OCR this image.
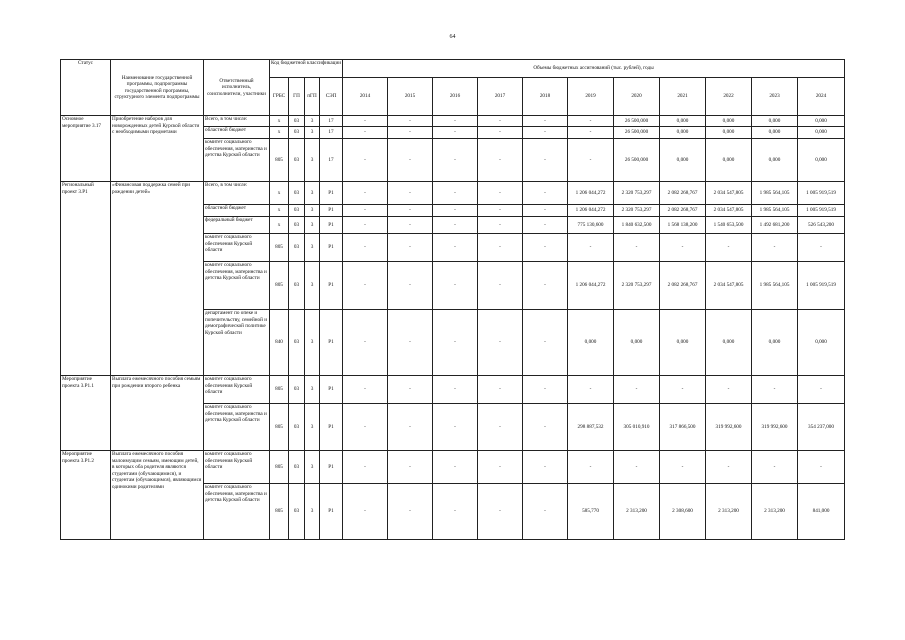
64
Статус	Наименование государственной программы, подпрограммы государственной программы, структурного элемента подпрограммы	Ответственный исполнитель, соисполнители, участники	Код бюджетной классификации				Объемы бюджетных ассигнований (тыс. рублей), годы										
			ГРБС	ГП	пГП	СЭП	2014	2015	2016	2017	2018	2019	2020	2021	2022	2023	2024
Основное мероприятие 3.17	Приобретение наборов для новорожденных детей Курской области с необходимыми предметами	Всего, в том числе:	х	03	3	17	-	-	-	-	-	-	26 500,000	0,000	0,000	0,000	0,000
		областной бюджет	х	03	3	17	-	-	-	-	-	-	26 500,000	0,000	0,000	0,000	0,000
		комитет социального обеспечения, материнства и детства Курской области	805	03	3	17	-	-	-	-	-	-	26 500,000	0,000	0,000	0,000	0,000
Региональный проект 3.Р1	«Финансовая поддержка семей при рождении детей»	Всего, в том числе:	х	03	3	Р1	-	-	-	-	-	1 206 044,272	2 320 753,297	2 082 268,767	2 034 547,805	1 985 564,105	1 005 919,519
		областной бюджет	х	03	3	Р1	-	-	-	-	-	1 206 044,272	2 320 753,297	2 082 268,767	2 034 547,805	1 985 564,105	1 005 919,519
		федеральный бюджет	х	03	3	Р1	-	-	-	-	-	775 130,600	1 840 632,500	1 568 138,200	1 540 653,500	1 492 681,200	526 543,200
		комитет социального обеспечения Курской области	805	03	3	Р1	-	-	-	-	-	-	-	-	-	-	-
		комитет социального обеспечения, материнства и детства Курской области	805	03	3	Р1	-	-	-	-	-	1 206 044,272	2 320 753,297	2 082 268,767	2 034 547,805	1 985 564,105	1 005 919,519
		департамент по опеке и попечительству, семейной и демографической политике Курской области	840	03	3	Р1	-	-	-	-	-	0,000	0,000	0,000	0,000	0,000	0,000
Мероприятие проекта 3.Р1.1	Выплата ежемесячного пособия семьям при рождении второго ребенка	комитет социального обеспечения Курской области	805	03	3	Р1	-	-	-	-	-	-	-	-	-	-	-
		комитет социального обеспечения, материнства и детства Курской области	805	03	3	Р1	-	-	-	-	-	298 887,532	305 010,910	317 866,500	319 992,600	319 992,600	354 237,000
Мероприятие проекта 3.Р1.2	Выплата ежемесячного пособия малоимущим семьям, имеющим детей, в которых оба родителя являются студентами (обучающимися), и студентам (обучающимся), являющимся одинокими родителями	комитет социального обеспечения Курской области	805	03	3	Р1	-	-	-	-	-	-	-	-	-	-	-
		комитет социального обеспечения, материнства и детства Курской области	805	03	3	Р1	-	-	-	-	-	585,770	2 313,200	2 308,600	2 313,200	2 313,200	841,000
